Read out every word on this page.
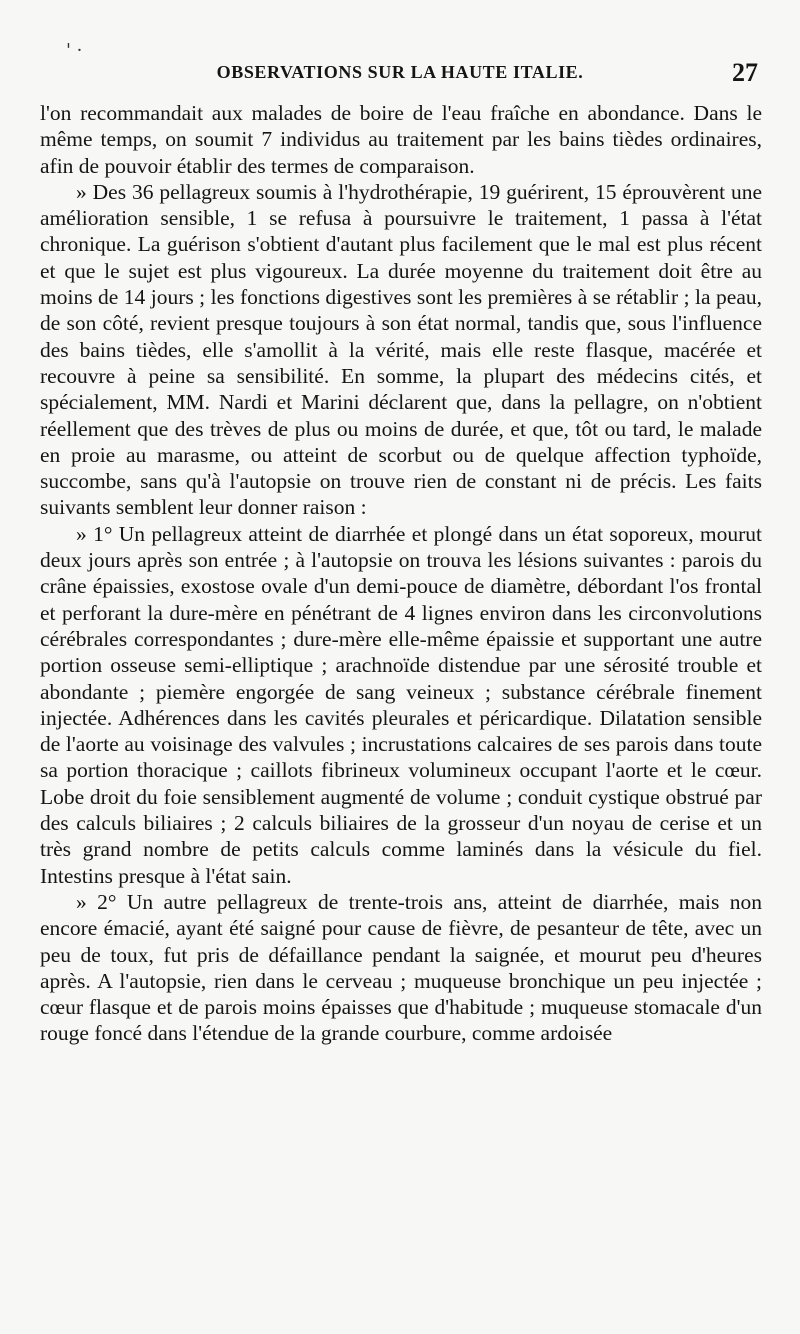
' ·
OBSERVATIONS SUR LA HAUTE ITALIE.	27

l'on recommandait aux malades de boire de l'eau fraîche en abondance. Dans le même temps, on soumit 7 individus au traitement par les bains tièdes ordinaires, afin de pouvoir établir des termes de comparaison.

» Des 36 pellagreux soumis à l'hydrothérapie, 19 guérirent, 15 éprouvèrent une amélioration sensible, 1 se refusa à poursuivre le traitement, 1 passa à l'état chronique. La guérison s'obtient d'autant plus facilement que le mal est plus récent et que le sujet est plus vigoureux. La durée moyenne du traitement doit être au moins de 14 jours ; les fonctions digestives sont les premières à se rétablir ; la peau, de son côté, revient presque toujours à son état normal, tandis que, sous l'influence des bains tièdes, elle s'amollit à la vérité, mais elle reste flasque, macérée et recouvre à peine sa sensibilité. En somme, la plupart des médecins cités, et spécialement, MM. Nardi et Marini déclarent que, dans la pellagre, on n'obtient réellement que des trèves de plus ou moins de durée, et que, tôt ou tard, le malade en proie au marasme, ou atteint de scorbut ou de quelque affection typhoïde, succombe, sans qu'à l'autopsie on trouve rien de constant ni de précis. Les faits suivants semblent leur donner raison :

» 1° Un pellagreux atteint de diarrhée et plongé dans un état soporeux, mourut deux jours après son entrée ; à l'autopsie on trouva les lésions suivantes : parois du crâne épaissies, exostose ovale d'un demi-pouce de diamètre, débordant l'os frontal et perforant la dure-mère en pénétrant de 4 lignes environ dans les circonvolutions cérébrales correspondantes ; dure-mère elle-même épaissie et supportant une autre portion osseuse semi-elliptique ; arachnoïde distendue par une sérosité trouble et abondante ; piemère engorgée de sang veineux ; substance cérébrale finement injectée. Adhérences dans les cavités pleurales et péricardique. Dilatation sensible de l'aorte au voisinage des valvules ; incrustations calcaires de ses parois dans toute sa portion thoracique ; caillots fibrineux volumineux occupant l'aorte et le cœur. Lobe droit du foie sensiblement augmenté de volume ; conduit cystique obstrué par des calculs biliaires ; 2 calculs biliaires de la grosseur d'un noyau de cerise et un très grand nombre de petits calculs comme laminés dans la vésicule du fiel. Intestins presque à l'état sain.

» 2° Un autre pellagreux de trente-trois ans, atteint de diarrhée, mais non encore émacié, ayant été saigné pour cause de fièvre, de pesanteur de tête, avec un peu de toux, fut pris de défaillance pendant la saignée, et mourut peu d'heures après. A l'autopsie, rien dans le cerveau ; muqueuse bronchique un peu injectée ; cœur flasque et de parois moins épaisses que d'habitude ; muqueuse stomacale d'un rouge foncé dans l'étendue de la grande courbure, comme ardoisée
